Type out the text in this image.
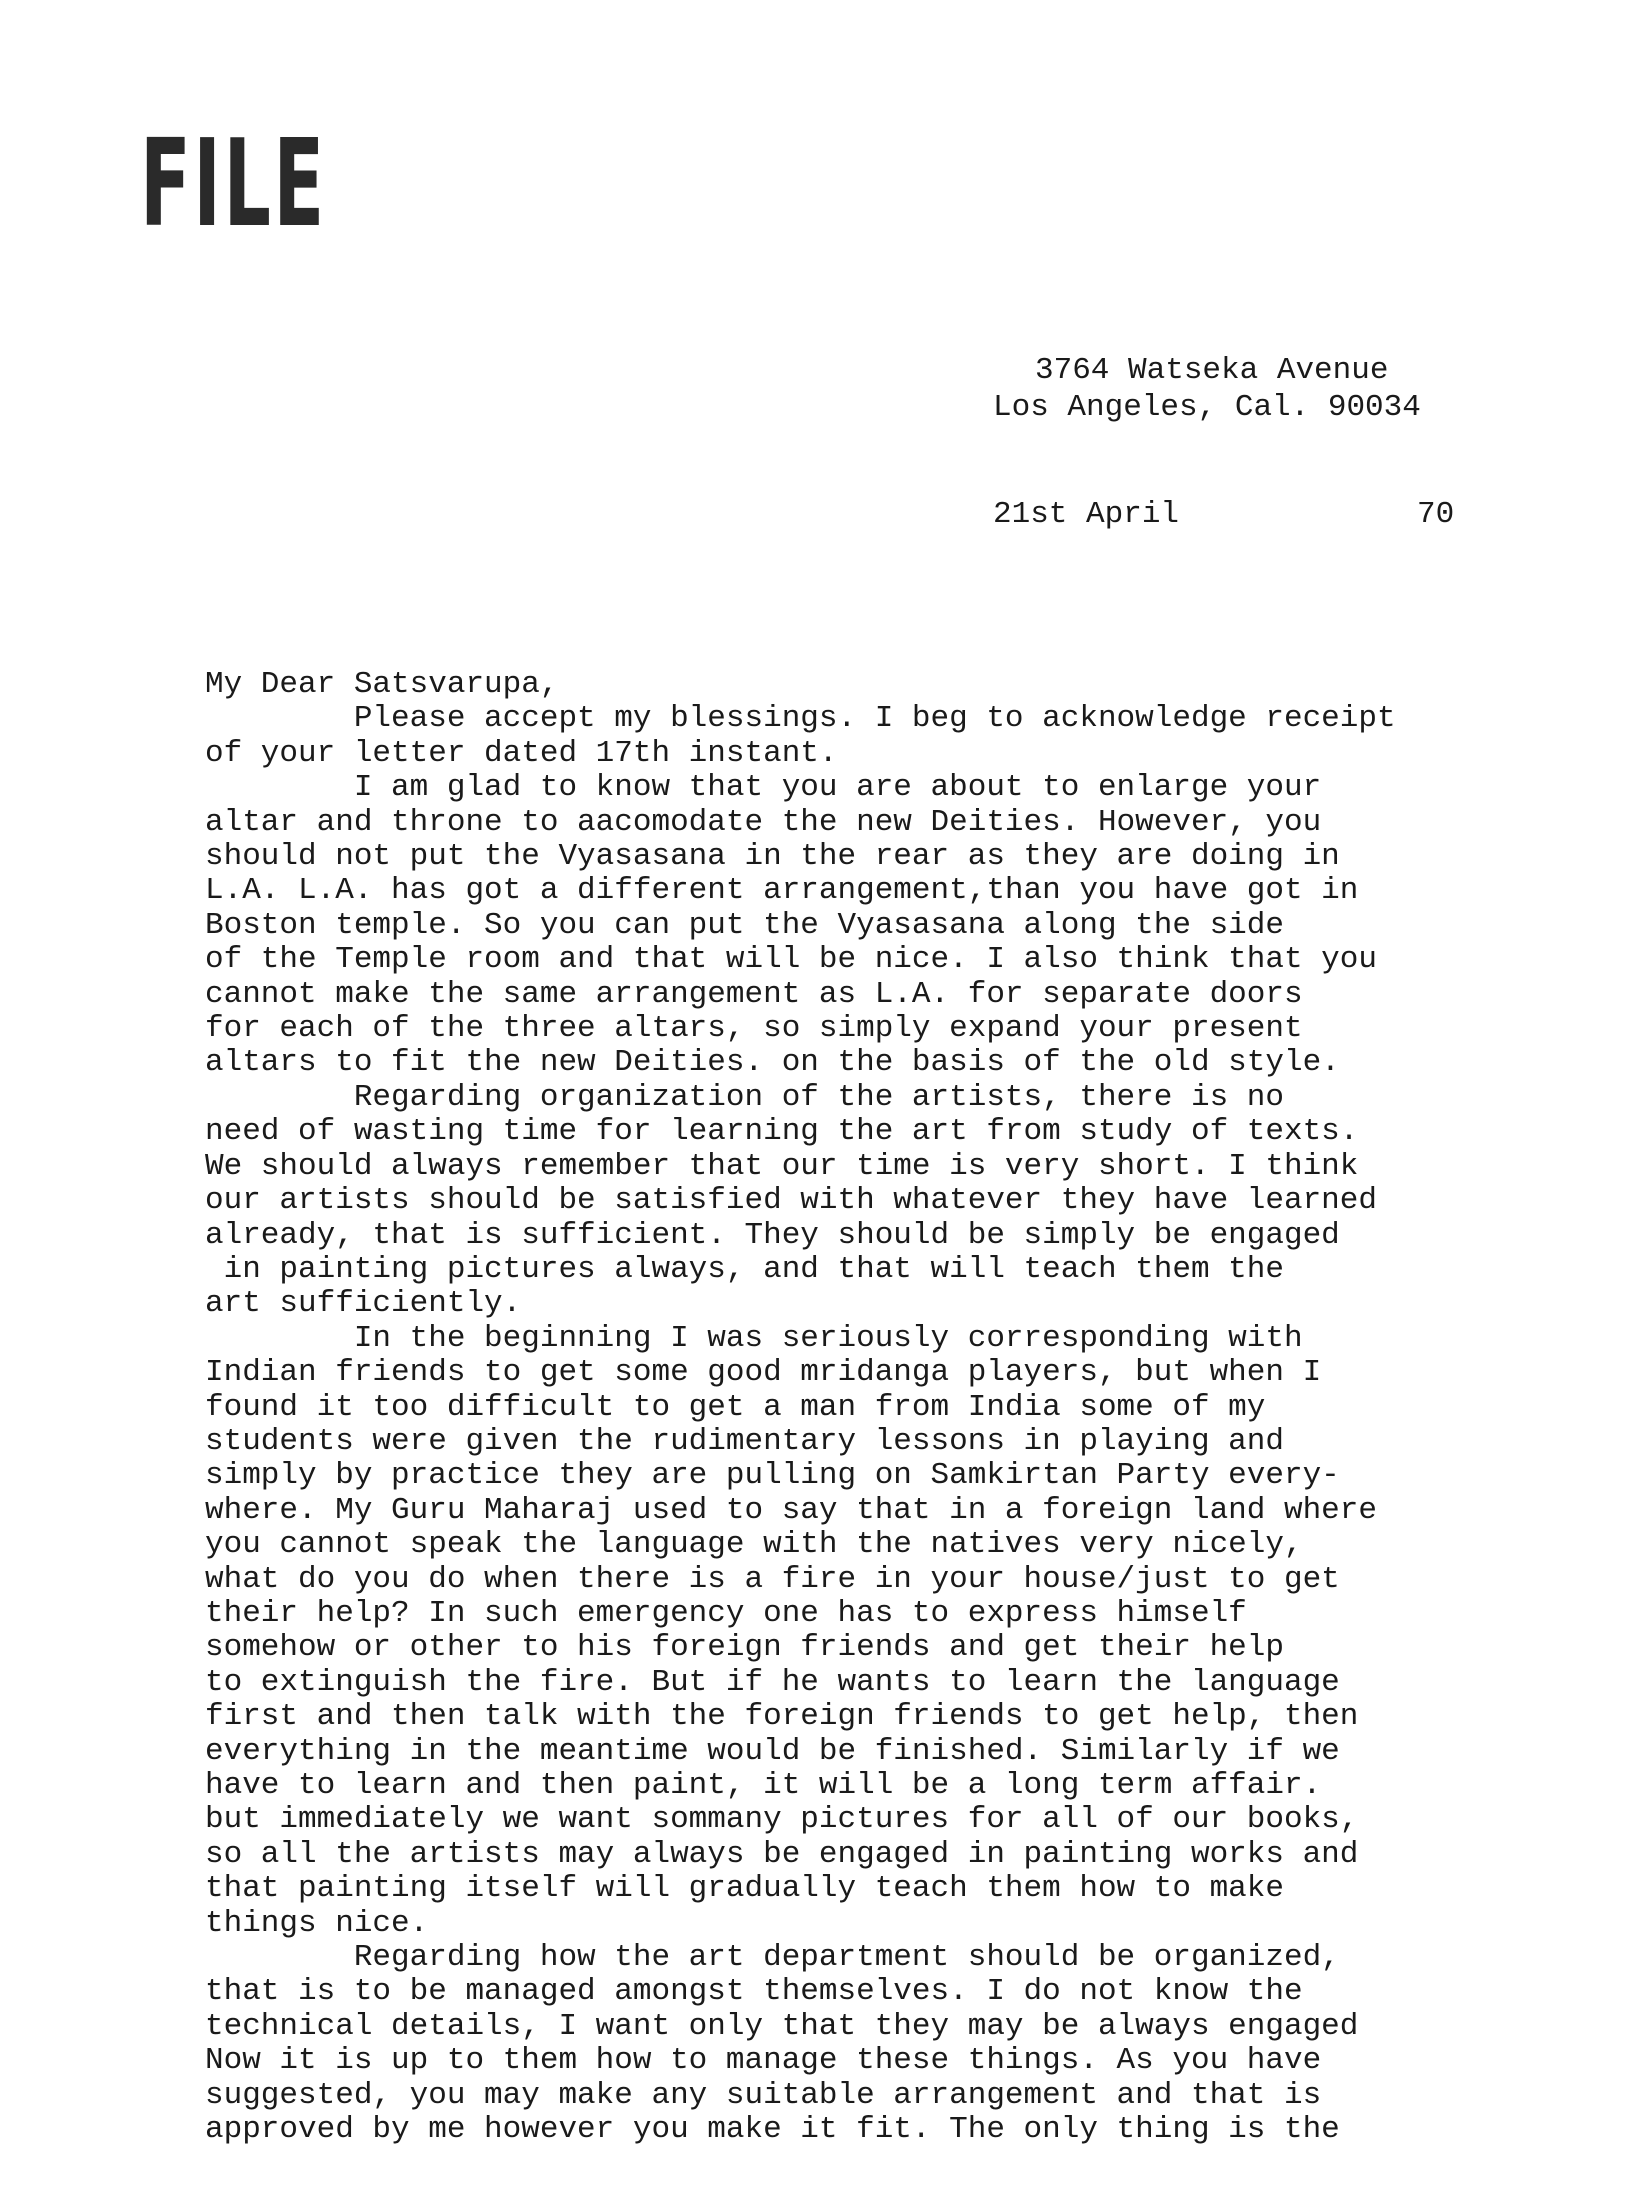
FILE
3764 Watseka Avenue
Los Angeles, Cal. 90034
21st April	70
My Dear Satsvarupa,
Please accept my blessings. I beg to acknowledge receipt
of your letter dated 17th instant.
I am glad to know that you are about to enlarge your
altar and throne to aacomodate the new Deities. However, you
should not put the Vyasasana in the rear as they are doing in
L.A. L.A. has got a different arrangement,than you have got in
Boston temple. So you can put the Vyasasana along the side
of the Temple room and that will be nice. I also think that you
cannot make the same arrangement as L.A. for separate doors
for each of the three altars, so simply expand your present
altars to fit the new Deities. on the basis of the old style.
Regarding organization of the artists, there is no
need of wasting time for learning the art from study of texts.
We should always remember that our time is very short. I think
our artists should be satisfied with whatever they have learned
already, that is sufficient. They should be simply be engaged
in painting pictures always, and that will teach them the
art sufficiently.
In the beginning I was seriously corresponding with
Indian friends to get some good mridanga players, but when I
found it too difficult to get a man from India some of my
students were given the rudimentary lessons in playing and
simply by practice they are pulling on Samkirtan Party every-
where. My Guru Maharaj used to say that in a foreign land where
you cannot speak the language with the natives very nicely,
what do you do when there is a fire in your house/just to get
their help? In such emergency one has to express himself
somehow or other to his foreign friends and get their help
to extinguish the fire. But if he wants to learn the language
first and then talk with the foreign friends to get help, then
everything in the meantime would be finished. Similarly if we
have to learn and then paint, it will be a long term affair.
but immediately we want sommany pictures for all of our books,
so all the artists may always be engaged in painting works and
that painting itself will gradually teach them how to make
things nice.
Regarding how the art department should be organized,
that is to be managed amongst themselves. I do not know the
technical details, I want only that they may be always engaged
Now it is up to them how to manage these things. As you have
suggested, you may make any suitable arrangement and that is
approved by me however you make it fit. The only thing is the
